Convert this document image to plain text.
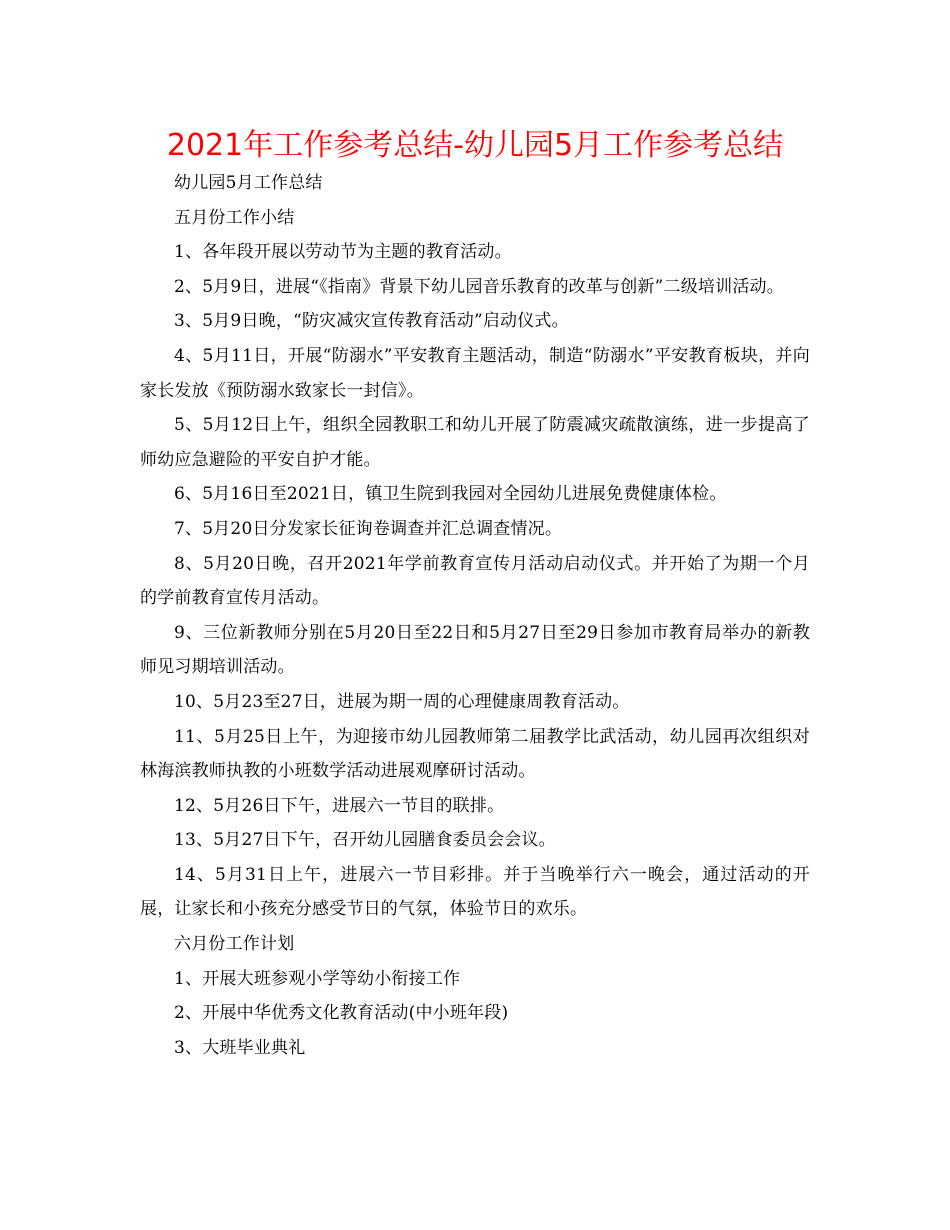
2021年工作参考总结-幼儿园5月工作参考总结

幼儿园5月工作总结

五月份工作小结

1、各年段开展以劳动节为主题的教育活动。

2、5月9日，进展“《指南》背景下幼儿园音乐教育的改革与创新”二级培训活动。

3、5月9日晚，“防灾减灾宣传教育活动”启动仪式。

4、5月11日，开展“防溺水”平安教育主题活动，制造“防溺水”平安教育板块，并向家长发放《预防溺水致家长一封信》。

5、5月12日上午，组织全园教职工和幼儿开展了防震减灾疏散演练，进一步提高了师幼应急避险的平安自护才能。

6、5月16日至2021日，镇卫生院到我园对全园幼儿进展免费健康体检。

7、5月20日分发家长征询卷调查并汇总调查情况。

8、5月20日晚，召开2021年学前教育宣传月活动启动仪式。并开始了为期一个月的学前教育宣传月活动。

9、三位新教师分别在5月20日至22日和5月27日至29日参加市教育局举办的新教师见习期培训活动。

10、5月23至27日，进展为期一周的心理健康周教育活动。

11、5月25日上午，为迎接市幼儿园教师第二届教学比武活动，幼儿园再次组织对林海滨教师执教的小班数学活动进展观摩研讨活动。

12、5月26日下午，进展六一节目的联排。

13、5月27日下午，召开幼儿园膳食委员会会议。

14、5月31日上午，进展六一节目彩排。并于当晚举行六一晚会，通过活动的开展，让家长和小孩充分感受节日的气氛，体验节日的欢乐。

六月份工作计划

1、开展大班参观小学等幼小衔接工作

2、开展中华优秀文化教育活动(中小班年段)

3、大班毕业典礼
